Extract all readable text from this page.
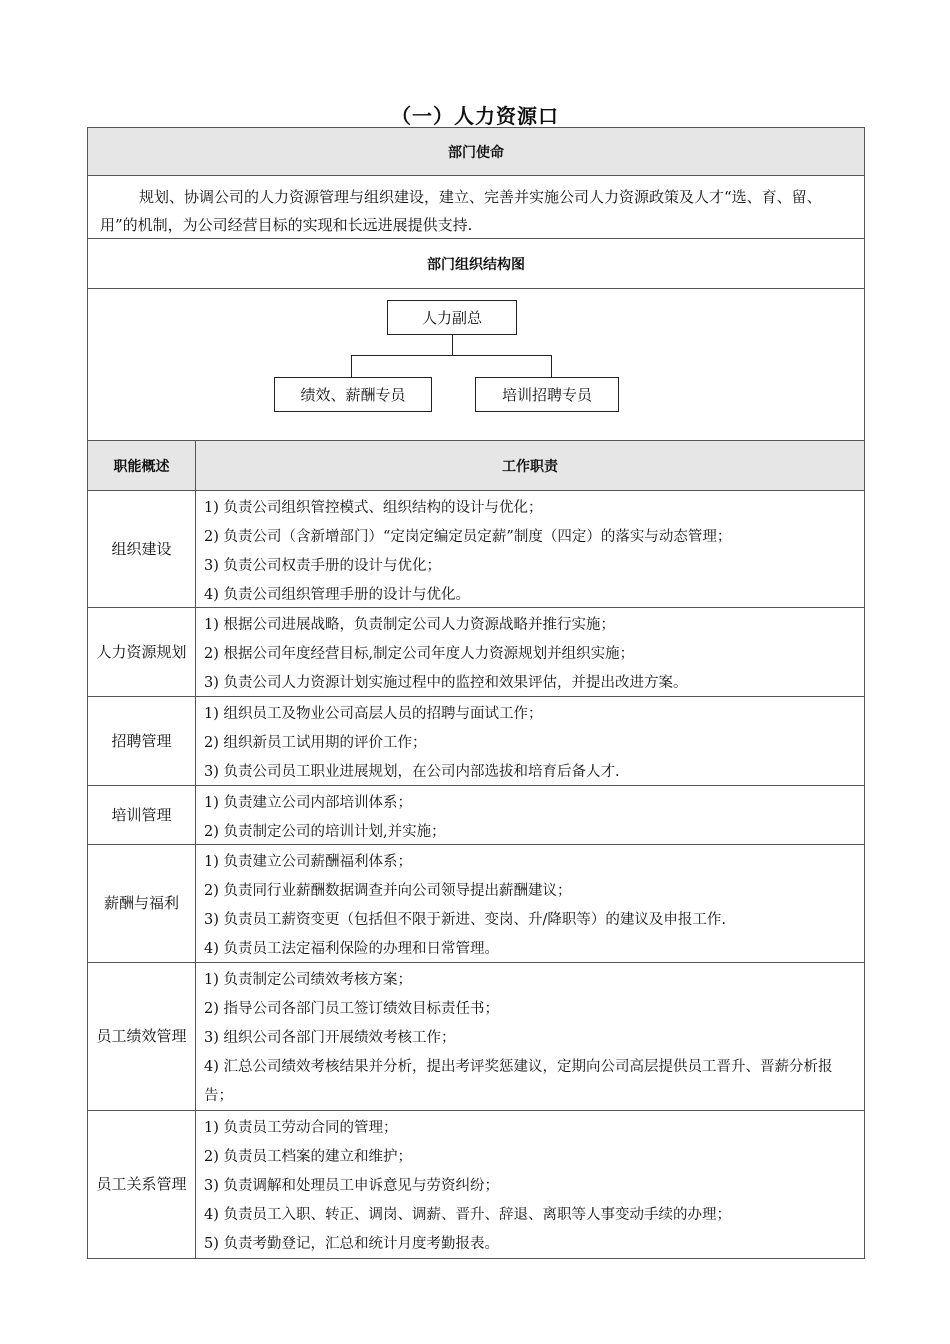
（一）人力资源口
部门使命
规划、协调公司的人力资源管理与组织建设，建立、完善并实施公司人力资源政策及人才“选、育、留、用”的机制，为公司经营目标的实现和长远进展提供支持.
部门组织结构图
人力副总
绩效、薪酬专员	培训招聘专员
职能概述	工作职责
组织建设
1) 负责公司组织管控模式、组织结构的设计与优化；
2) 负责公司（含新增部门）“定岗定编定员定薪”制度（四定）的落实与动态管理；
3) 负责公司权责手册的设计与优化；
4) 负责公司组织管理手册的设计与优化。
人力资源规划
1) 根据公司进展战略，负责制定公司人力资源战略并推行实施；
2) 根据公司年度经营目标,制定公司年度人力资源规划并组织实施；
3) 负责公司人力资源计划实施过程中的监控和效果评估，并提出改进方案。
招聘管理
1) 组织员工及物业公司高层人员的招聘与面试工作；
2) 组织新员工试用期的评价工作；
3) 负责公司员工职业进展规划，在公司内部选拔和培育后备人才.
培训管理
1) 负责建立公司内部培训体系；
2) 负责制定公司的培训计划,并实施；
薪酬与福利
1) 负责建立公司薪酬福利体系；
2) 负责同行业薪酬数据调查并向公司领导提出薪酬建议；
3) 负责员工薪资变更（包括但不限于新进、变岗、升/降职等）的建议及申报工作.
4) 负责员工法定福利保险的办理和日常管理。
员工绩效管理
1) 负责制定公司绩效考核方案；
2) 指导公司各部门员工签订绩效目标责任书；
3) 组织公司各部门开展绩效考核工作；
4) 汇总公司绩效考核结果并分析，提出考评奖惩建议，定期向公司高层提供员工晋升、晋薪分析报告；
员工关系管理
1) 负责员工劳动合同的管理；
2) 负责员工档案的建立和维护；
3) 负责调解和处理员工申诉意见与劳资纠纷；
4) 负责员工入职、转正、调岗、调薪、晋升、辞退、离职等人事变动手续的办理；
5) 负责考勤登记，汇总和统计月度考勤报表。
